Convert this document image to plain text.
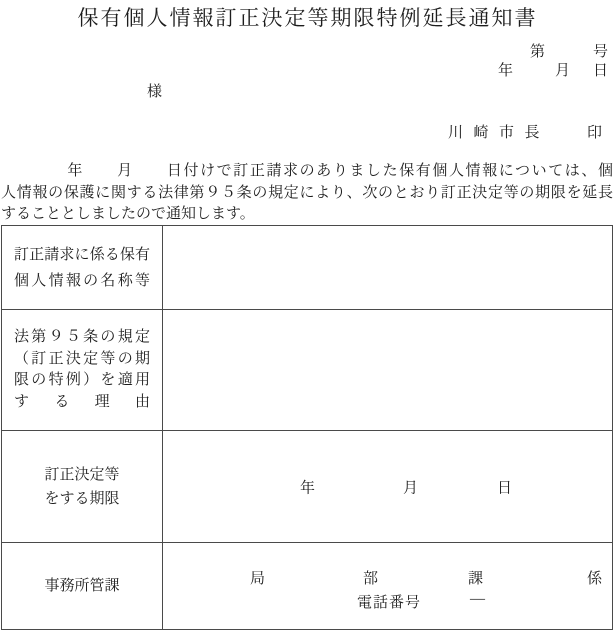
保有個人情報訂正決定等期限特例延長通知書
第	号
年	月 日
様
川崎市長 印
　　　　年　　月　　日付けで訂正請求のありました保有個人情報については、個
人情報の保護に関する法律第９５条の規定により、次のとおり訂正決定等の期限を延長
することとしましたので通知します。
訂正請求に係る保有
個人情報の名称等
法第９５条の規定
（訂正決定等の期
限の特例）を適用
する理由
訂正決定等
をする期限
年	月	日
事務所管課	局	部	課	係
電話番号	―
